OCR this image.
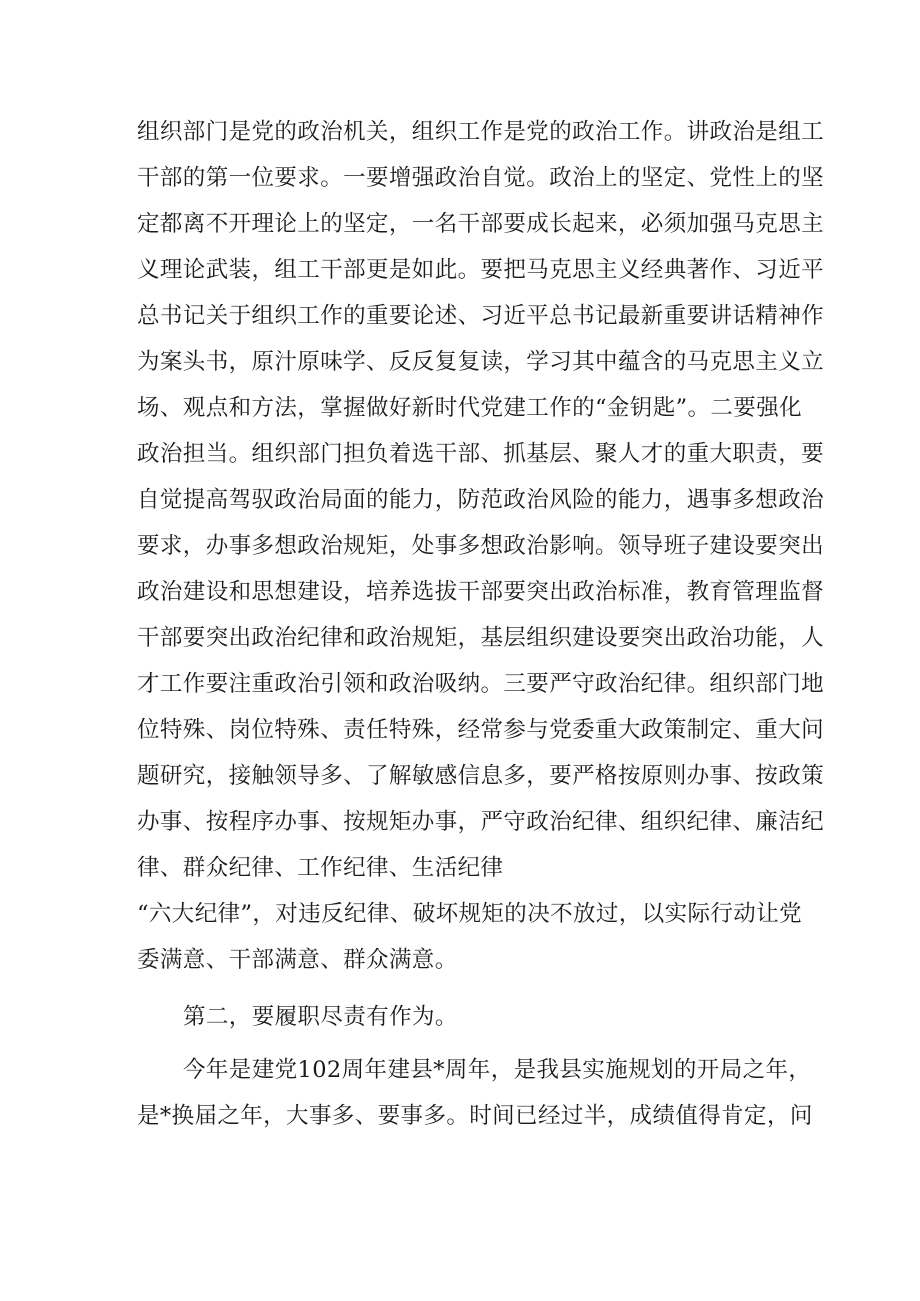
组织部门是党的政治机关，组织工作是党的政治工作。讲政治是组工
干部的第一位要求。一要增强政治自觉。政治上的坚定、党性上的坚
定都离不开理论上的坚定，一名干部要成长起来，必须加强马克思主
义理论武装，组工干部更是如此。要把马克思主义经典著作、习近平
总书记关于组织工作的重要论述、习近平总书记最新重要讲话精神作
为案头书，原汁原味学、反反复复读，学习其中蕴含的马克思主义立
场、观点和方法，掌握做好新时代党建工作的“金钥匙”。二要强化
政治担当。组织部门担负着选干部、抓基层、聚人才的重大职责，要
自觉提高驾驭政治局面的能力，防范政治风险的能力，遇事多想政治
要求，办事多想政治规矩，处事多想政治影响。领导班子建设要突出
政治建设和思想建设，培养选拔干部要突出政治标准，教育管理监督
干部要突出政治纪律和政治规矩，基层组织建设要突出政治功能，人
才工作要注重政治引领和政治吸纳。三要严守政治纪律。组织部门地
位特殊、岗位特殊、责任特殊，经常参与党委重大政策制定、重大问
题研究，接触领导多、了解敏感信息多，要严格按原则办事、按政策
办事、按程序办事、按规矩办事，严守政治纪律、组织纪律、廉洁纪
律、群众纪律、工作纪律、生活纪律
“六大纪律”，对违反纪律、破坏规矩的决不放过，以实际行动让党
委满意、干部满意、群众满意。
第二，要履职尽责有作为。
今年是建党102周年建县*周年，是我县实施规划的开局之年，
是*换届之年，大事多、要事多。时间已经过半，成绩值得肯定，问
